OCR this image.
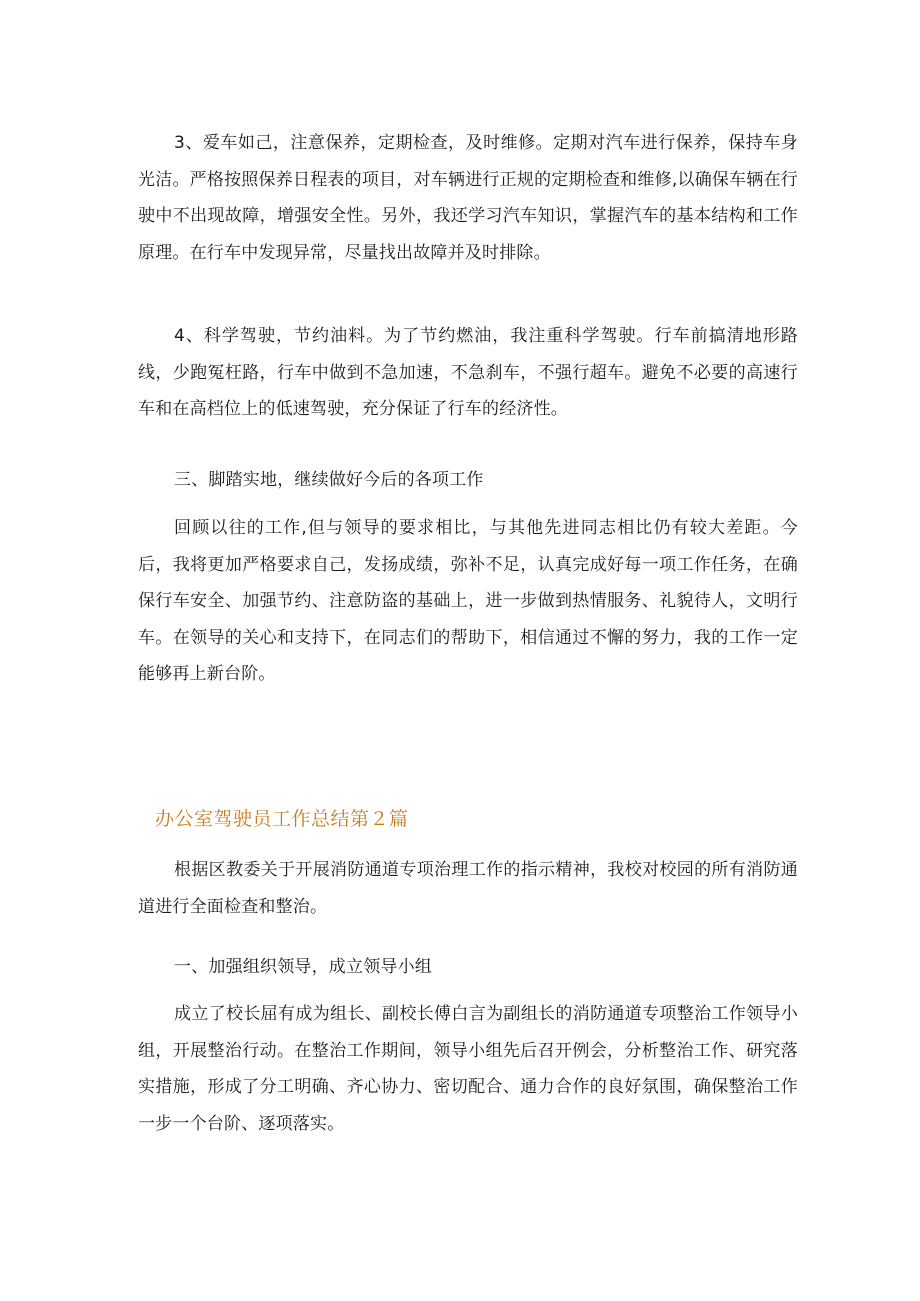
3、爱车如己，注意保养，定期检查，及时维修。定期对汽车进行保养，保持车身光洁。严格按照保养日程表的项目，对车辆进行正规的定期检查和维修,以确保车辆在行驶中不出现故障，增强安全性。另外，我还学习汽车知识，掌握汽车的基本结构和工作原理。在行车中发现异常，尽量找出故障并及时排除。

4、科学驾驶，节约油料。为了节约燃油，我注重科学驾驶。行车前搞清地形路线，少跑冤枉路，行车中做到不急加速，不急刹车，不强行超车。避免不必要的高速行车和在高档位上的低速驾驶，充分保证了行车的经济性。

三、脚踏实地，继续做好今后的各项工作

回顾以往的工作,但与领导的要求相比，与其他先进同志相比仍有较大差距。今后，我将更加严格要求自己，发扬成绩，弥补不足，认真完成好每一项工作任务，在确保行车安全、加强节约、注意防盗的基础上，进一步做到热情服务、礼貌待人，文明行车。在领导的关心和支持下，在同志们的帮助下，相信通过不懈的努力，我的工作一定能够再上新台阶。

办公室驾驶员工作总结第２篇

根据区教委关于开展消防通道专项治理工作的指示精神，我校对校园的所有消防通道进行全面检查和整治。

一、加强组织领导，成立领导小组

成立了校长屈有成为组长、副校长傅白言为副组长的消防通道专项整治工作领导小组，开展整治行动。在整治工作期间，领导小组先后召开例会，分析整治工作、研究落实措施，形成了分工明确、齐心协力、密切配合、通力合作的良好氛围，确保整治工作一步一个台阶、逐项落实。
